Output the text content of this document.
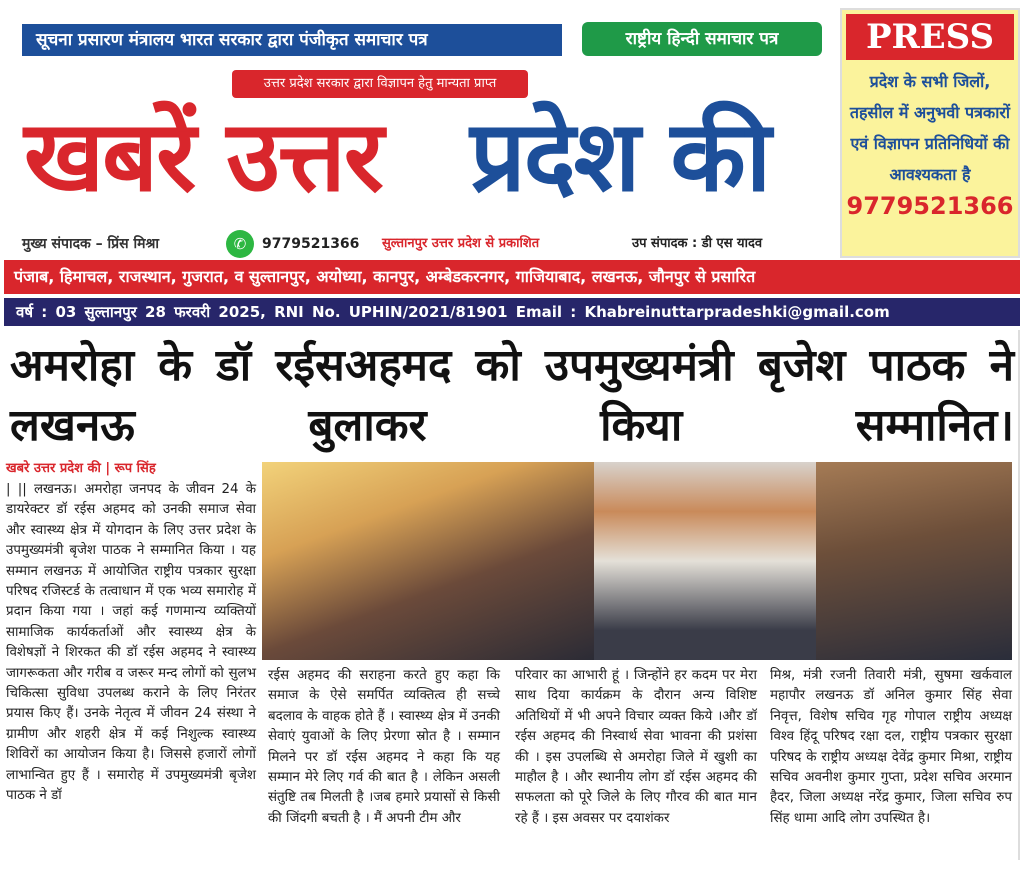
सूचना प्रसारण मंत्रालय भारत सरकार द्वारा पंजीकृत समाचार पत्र	राष्ट्रीय हिन्दी समाचार पत्र
उत्तर प्रदेश सरकार द्वारा विज्ञापन हेतु मान्यता प्राप्त
खबरें उत्तर प्रदेश की
PRESS
प्रदेश के सभी जिलों, तहसील में अनुभवी पत्रकारों एवं विज्ञापन प्रतिनिधियों की आवश्यकता है
9779521366
मुख्य संपादक – प्रिंस मिश्रा	✆	9779521366 सुल्तानपुर उत्तर प्रदेश से प्रकाशित	उप संपादक : डी एस यादव
पंजाब, हिमाचल, राजस्थान, गुजरात, व सुल्तानपुर, अयोध्या, कानपुर, अम्बेडकरनगर, गाजियाबाद, लखनऊ, जौनपुर से प्रसारित
वर्ष : 03 सुल्तानपुर 28 फरवरी 2025, RNI No. UPHIN/2021/81901 Email : Khabreinuttarpradeshki@gmail.com
अमरोहा के डॉ रईसअहमद को उपमुख्यमंत्री बृजेश पाठक ने लखनऊ बुलाकर किया सम्मानित।
खबरे उत्तर प्रदेश की | रूप सिंह
| || लखनऊ। अमरोहा जनपद के जीवन 24 के डायरेक्टर डॉ रईस अहमद को उनकी समाज सेवा और स्वास्थ्य क्षेत्र में योगदान के लिए उत्तर प्रदेश के उपमुख्यमंत्री बृजेश पाठक ने सम्मानित किया । यह सम्मान लखनऊ में आयोजित राष्ट्रीय पत्रकार सुरक्षा परिषद रजिस्टर्ड के तत्वाधान में एक भव्य समारोह में प्रदान किया गया । जहां कई गणमान्य व्यक्तियों सामाजिक कार्यकर्ताओं और स्वास्थ्य क्षेत्र के विशेषज्ञों ने शिरकत की डॉ रईस अहमद ने स्वास्थ्य जागरूकता और गरीब व जरूर मन्द लोगों को सुलभ चिकित्सा सुविधा उपलब्ध कराने के लिए निरंतर प्रयास किए हैं। उनके नेतृत्व में जीवन 24 संस्था ने ग्रामीण और शहरी क्षेत्र में कई निशुल्क स्वास्थ्य शिविरों का आयोजन किया है। जिससे हजारों लोगों लाभान्वित हुए हैं । समारोह में उपमुख्यमंत्री बृजेश पाठक ने डॉ
रईस अहमद की सराहना करते हुए कहा कि समाज के ऐसे समर्पित व्यक्तित्व ही सच्चे बदलाव के वाहक होते हैं । स्वास्थ्य क्षेत्र में उनकी सेवाएं युवाओं के लिए प्रेरणा स्रोत है । सम्मान मिलने पर डॉ रईस अहमद ने कहा कि यह सम्मान मेरे लिए गर्व की बात है । लेकिन असली संतुष्टि तब मिलती है ।जब हमारे प्रयासों से किसी की जिंदगी बचती है । मैं अपनी टीम और
परिवार का आभारी हूं । जिन्होंने हर कदम पर मेरा साथ दिया कार्यक्रम के दौरान अन्य विशिष्ट अतिथियों में भी अपने विचार व्यक्त किये ।और डॉ रईस अहमद की निस्वार्थ सेवा भावना की प्रशंसा की । इस उपलब्धि से अमरोहा जिले में खुशी का माहौल है । और स्थानीय लोग डॉ रईस अहमद की सफलता को पूरे जिले के लिए गौरव की बात मान रहे हैं । इस अवसर पर दयाशंकर
मिश्र, मंत्री रजनी तिवारी मंत्री, सुषमा खर्कवाल महापौर लखनऊ डॉ अनिल कुमार सिंह सेवा निवृत्त, विशेष सचिव गृह गोपाल राष्ट्रीय अध्यक्ष विश्व हिंदू परिषद रक्षा दल, राष्ट्रीय पत्रकार सुरक्षा परिषद के राष्ट्रीय अध्यक्ष देवेंद्र कुमार मिश्रा, राष्ट्रीय सचिव अवनीश कुमार गुप्ता, प्रदेश सचिव अरमान हैदर, जिला अध्यक्ष नरेंद्र कुमार, जिला सचिव रुप सिंह धामा आदि लोग उपस्थित है।
